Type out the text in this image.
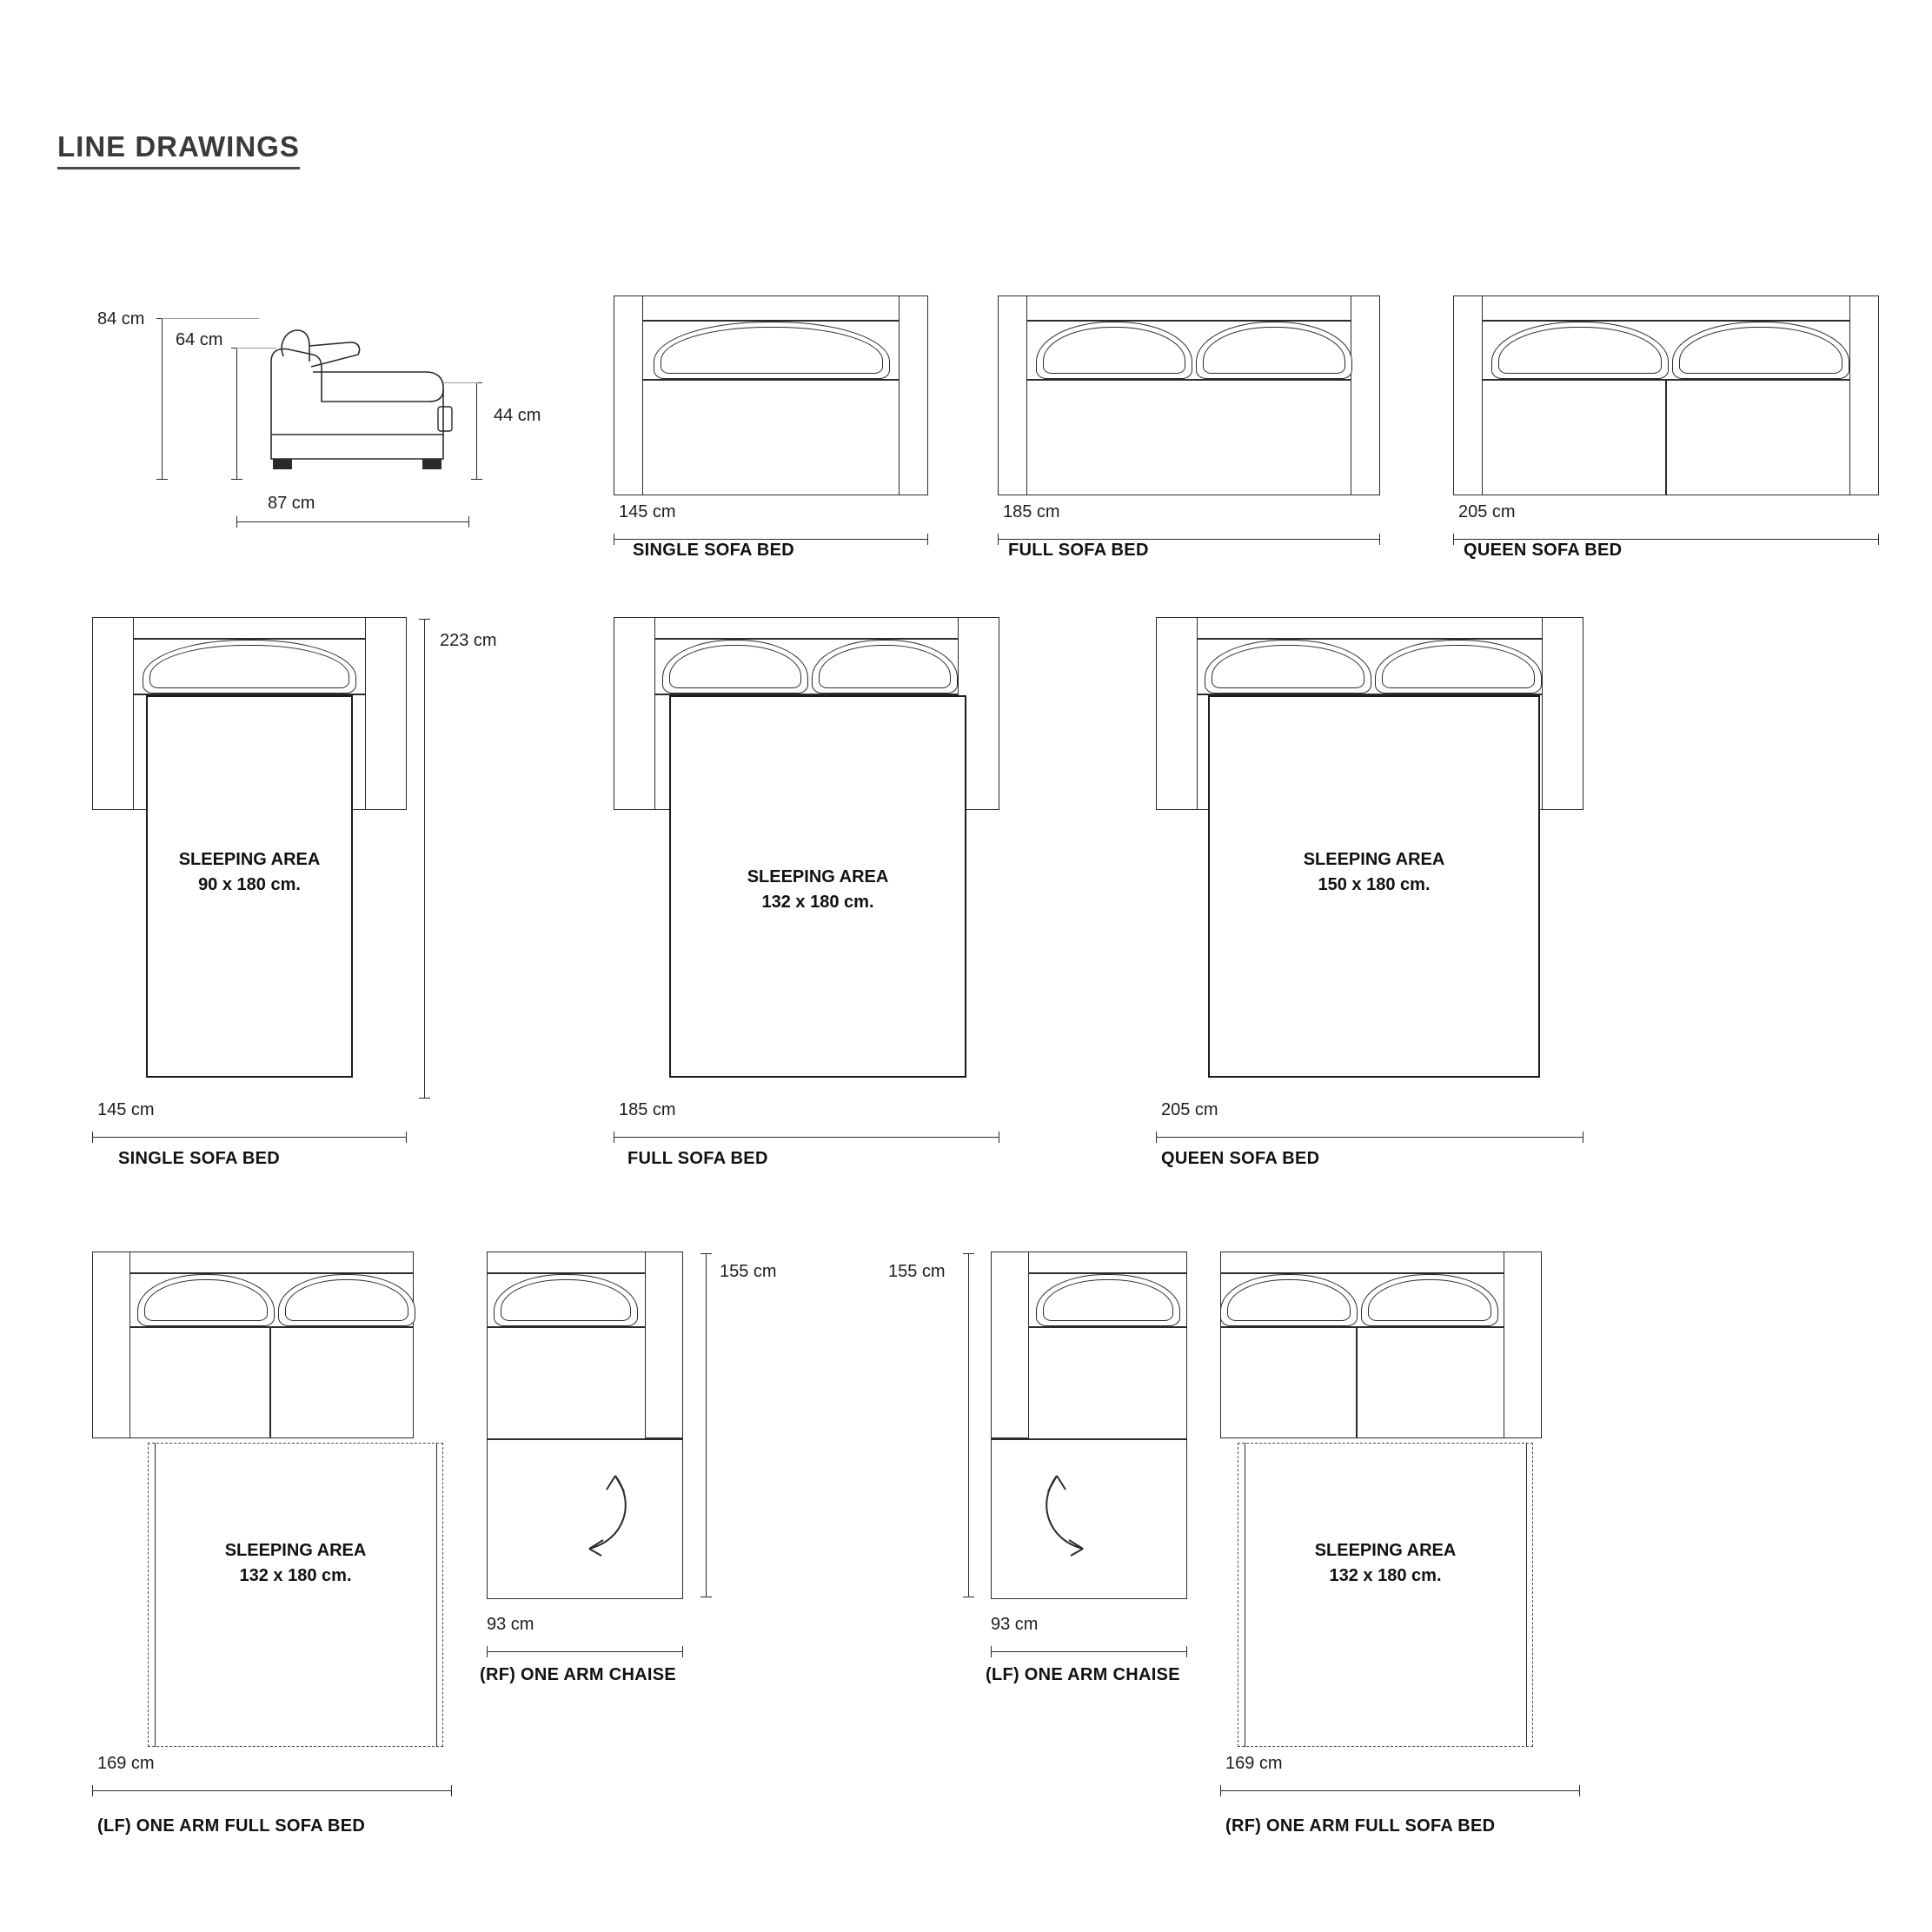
LINE DRAWINGS
84 cm
64 cm
44 cm
87 cm	145 cm
SINGLE SOFA BED
185 cm
FULL SOFA BED
205 cm
QUEEN SOFA BED
SLEEPING AREA
90 x 180 cm.
223 cm
145 cm
SINGLE SOFA BED
SLEEPING AREA
132 x 180 cm.
185 cm
FULL SOFA BED
SLEEPING AREA
150 x 180 cm.
205 cm
QUEEN SOFA BED
SLEEPING AREA
132 x 180 cm.
169 cm
(LF) ONE ARM FULL SOFA BED
155 cm
93 cm
(RF) ONE ARM CHAISE
155 cm
93 cm
(LF) ONE ARM CHAISE
SLEEPING AREA
132 x 180 cm.
169 cm
(RF) ONE ARM FULL SOFA BED
